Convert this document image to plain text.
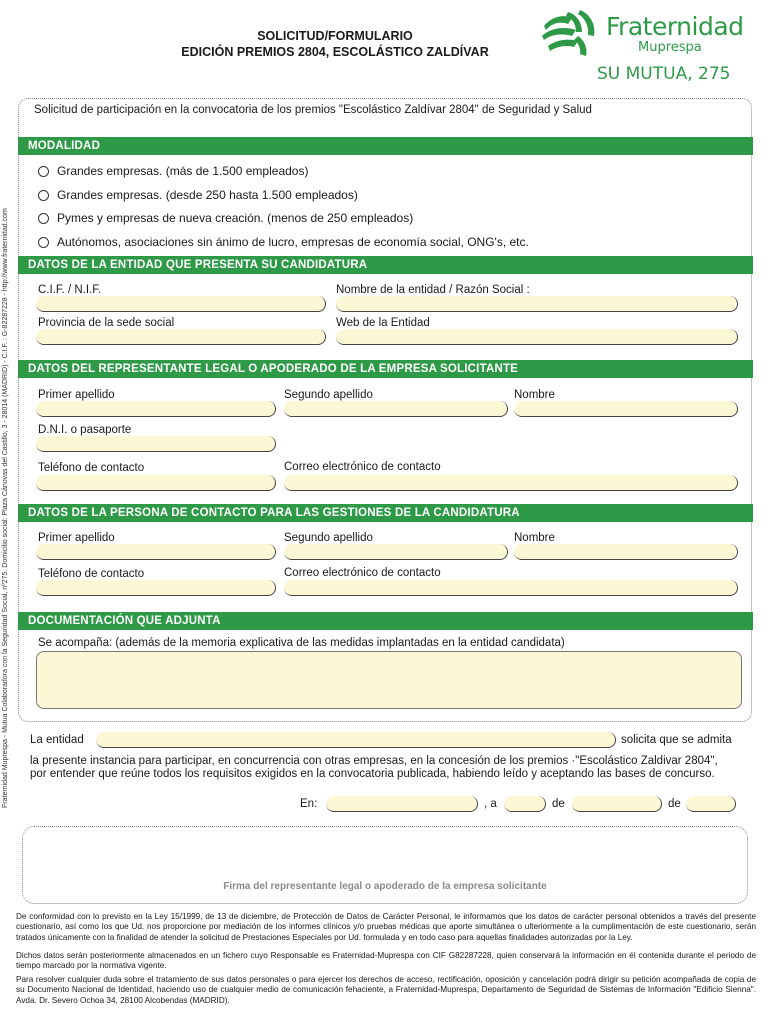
SOLICITUD/FORMULARIO
EDICIÓN PREMIOS 2804, ESCOLÁSTICO ZALDÍVAR
Fraternidad
Muprespa
SU MUTUA, 275
Fraternidad Muprespa - Mutua Colaboradora con la Seguridad Social, nº275. Domicilio social: Plaza Cánovas del Castillo, 3 - 28014 (MADRID) - C.I.F. : G-82287228 - http://www.fraternidad.com
Solicitud de participación en la convocatoria de los premios "Escolástico Zaldívar 2804" de Seguridad y Salud
MODALIDAD
Grandes empresas. (más de 1.500 empleados)
Grandes empresas. (desde 250 hasta 1.500 empleados)
Pymes y empresas de nueva creación. (menos de 250 empleados)
Autónomos, asociaciones sin ánimo de lucro, empresas de economía social, ONG's, etc.
DATOS DE LA ENTIDAD QUE PRESENTA SU CANDIDATURA
C.I.F. / N.I.F.	Nombre de la entidad / Razón Social :
Provincia de la sede social	Web de la Entidad
DATOS DEL REPRESENTANTE LEGAL O APODERADO DE LA EMPRESA SOLICITANTE
Primer apellido	Segundo apellido	Nombre
D.N.I. o pasaporte
Teléfono de contacto	Correo electrónico de contacto
DATOS DE LA PERSONA DE CONTACTO PARA LAS GESTIONES DE LA CANDIDATURA
Primer apellido	Segundo apellido	Nombre
Teléfono de contacto	Correo electrónico de contacto
DOCUMENTACIÓN QUE ADJUNTA
Se acompaña: (además de la memoria explicativa de las medidas implantadas en la entidad candidata)
La entidad	solicita que se admita
la presente instancia para participar, en concurrencia con otras empresas, en la concesión de los premios ·"Escolástico Zaldivar 2804",
por entender que reúne todos los requisitos exigidos en la convocatoria publicada, habiendo leído y aceptando las bases de concurso.
En:	, a	de	de
Firma del representante legal o apoderado de la empresa solicitante
De conformidad con lo previsto en la Ley 15/1999, de 13 de diciembre, de Protección de Datos de Carácter Personal, le informamos que los datos de carácter personal obtenidos a través del presente cuestionario, así como los que Ud. nos proporcione por mediación de los informes clínicos y/o pruebas médicas que aporte simultánea o ulteriormente a la cumplimentación de este cuestionario, serán tratados únicamente con la finalidad de atender la solicitud de Prestaciones Especiales por Ud. formulada y en todo caso para aquellas finalidades autorizadas por la Ley.
Dichos datos serán posteriormente almacenados en un fichero cuyo Responsable es Fraternidad-Muprespa con CIF G82287228, quien conservará la información en él contenida durante el periodo de tiempo marcado por la normativa vigente.
Para resolver cualquier duda sobre el tratamiento de sus datos personales o para ejercer los derechos de acceso, rectificación, oposición y cancelación podrá dirigir su petición acompañada de copia de su Documento Nacional de Identidad, haciendo uso de cualquier medio de comunicación fehaciente, a Fraternidad-Muprespa, Departamento de Seguridad de Sistemas de Información "Edificio Sienna". Avda. Dr. Severo Ochoa 34, 28100 Alcobendas (MADRID).
